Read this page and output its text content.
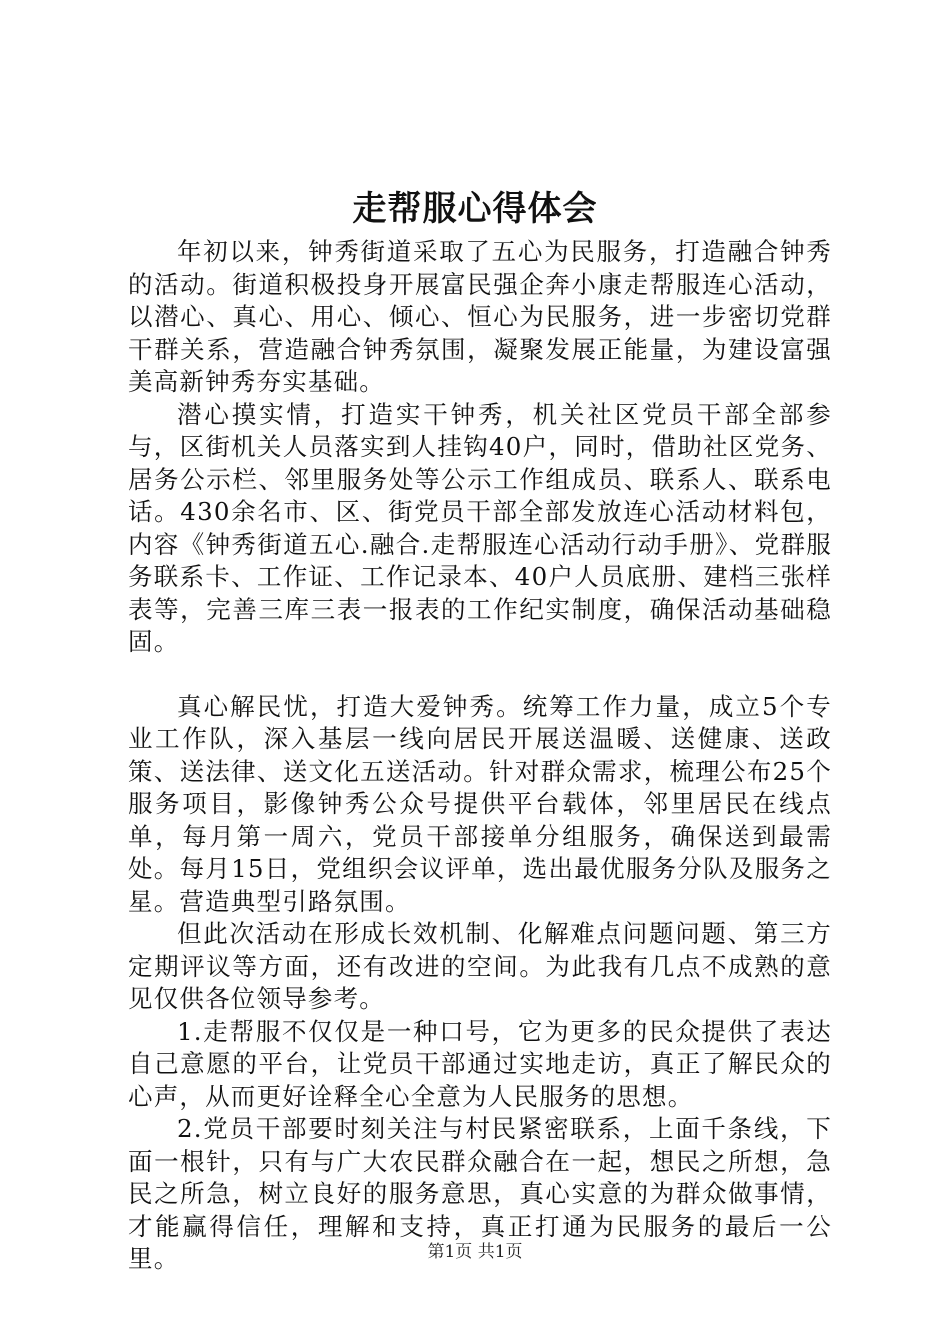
走帮服心得体会

年初以来，钟秀街道采取了五心为民服务，打造融合钟秀的活动。街道积极投身开展富民强企奔小康走帮服连心活动，以潜心、真心、用心、倾心、恒心为民服务，进一步密切党群干群关系，营造融合钟秀氛围，凝聚发展正能量，为建设富强美高新钟秀夯实基础。

潜心摸实情，打造实干钟秀，机关社区党员干部全部参与，区街机关人员落实到人挂钩40户，同时，借助社区党务、居务公示栏、邻里服务处等公示工作组成员、联系人、联系电话。430余名市、区、街党员干部全部发放连心活动材料包，内容《钟秀街道五心.融合.走帮服连心活动行动手册》、党群服务联系卡、工作证、工作记录本、40户人员底册、建档三张样表等，完善三库三表一报表的工作纪实制度，确保活动基础稳固。

真心解民忧，打造大爱钟秀。统筹工作力量，成立5个专业工作队，深入基层一线向居民开展送温暖、送健康、送政策、送法律、送文化五送活动。针对群众需求，梳理公布25个服务项目，影像钟秀公众号提供平台载体，邻里居民在线点单，每月第一周六，党员干部接单分组服务，确保送到最需处。每月15日，党组织会议评单，选出最优服务分队及服务之星。营造典型引路氛围。

但此次活动在形成长效机制、化解难点问题问题、第三方定期评议等方面，还有改进的空间。为此我有几点不成熟的意见仅供各位领导参考。

1.走帮服不仅仅是一种口号，它为更多的民众提供了表达自己意愿的平台，让党员干部通过实地走访，真正了解民众的心声，从而更好诠释全心全意为人民服务的思想。

2.党员干部要时刻关注与村民紧密联系，上面千条线，下面一根针，只有与广大农民群众融合在一起，想民之所想，急民之所急，树立良好的服务意思，真心实意的为群众做事情，才能赢得信任，理解和支持，真正打通为民服务的最后一公里。	第1页 共1页
